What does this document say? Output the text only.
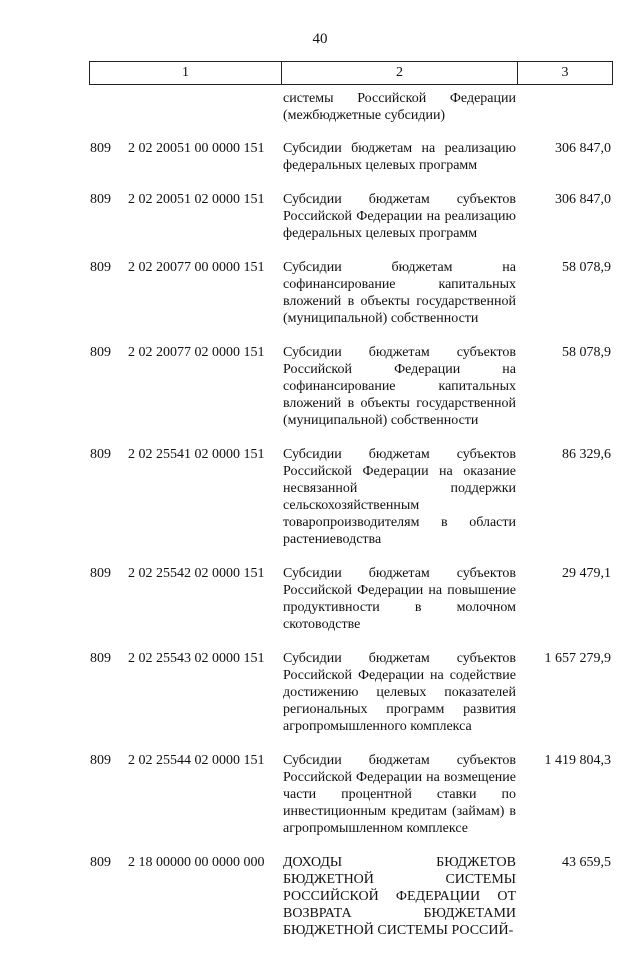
40
1	2	3
системы Российской Федерации (межбюджетные субсидии)
809 2 02 20051 00 0000 151 Субсидии бюджетам на реализацию федеральных целевых программ
306 847,0
809 2 02 20051 02 0000 151 Субсидии бюджетам субъектов Российской Федерации на реализацию федеральных целевых программ
306 847,0
809 2 02 20077 00 0000 151 Субсидии бюджетам на софинансирование капитальных вложений в объекты государственной (муниципальной) собственности
58 078,9
809 2 02 20077 02 0000 151 Субсидии бюджетам субъектов Российской Федерации на софинансирование капитальных вложений в объекты государственной (муниципальной) собственности
58 078,9
809 2 02 25541 02 0000 151 Субсидии бюджетам субъектов Российской Федерации на оказание несвязанной поддержки сельскохозяйственным товаропроизводителям в области растениеводства
86 329,6
809 2 02 25542 02 0000 151 Субсидии бюджетам субъектов Российской Федерации на повышение продуктивности в молочном скотоводстве
29 479,1
809 2 02 25543 02 0000 151 Субсидии бюджетам субъектов Российской Федерации на содействие достижению целевых показателей региональных программ развития агропромышленного комплекса
1 657 279,9
809 2 02 25544 02 0000 151 Субсидии бюджетам субъектов Российской Федерации на возмещение части процентной ставки по инвестиционным кредитам (займам) в агропромышленном комплексе
1 419 804,3
809 2 18 00000 00 0000 000 ДОХОДЫ БЮДЖЕТОВ БЮДЖЕТНОЙ СИСТЕМЫ РОССИЙСКОЙ ФЕДЕРАЦИИ ОТ ВОЗВРАТА БЮДЖЕТАМИ БЮДЖЕТНОЙ СИСТЕМЫ РОССИЙ-
43 659,5
